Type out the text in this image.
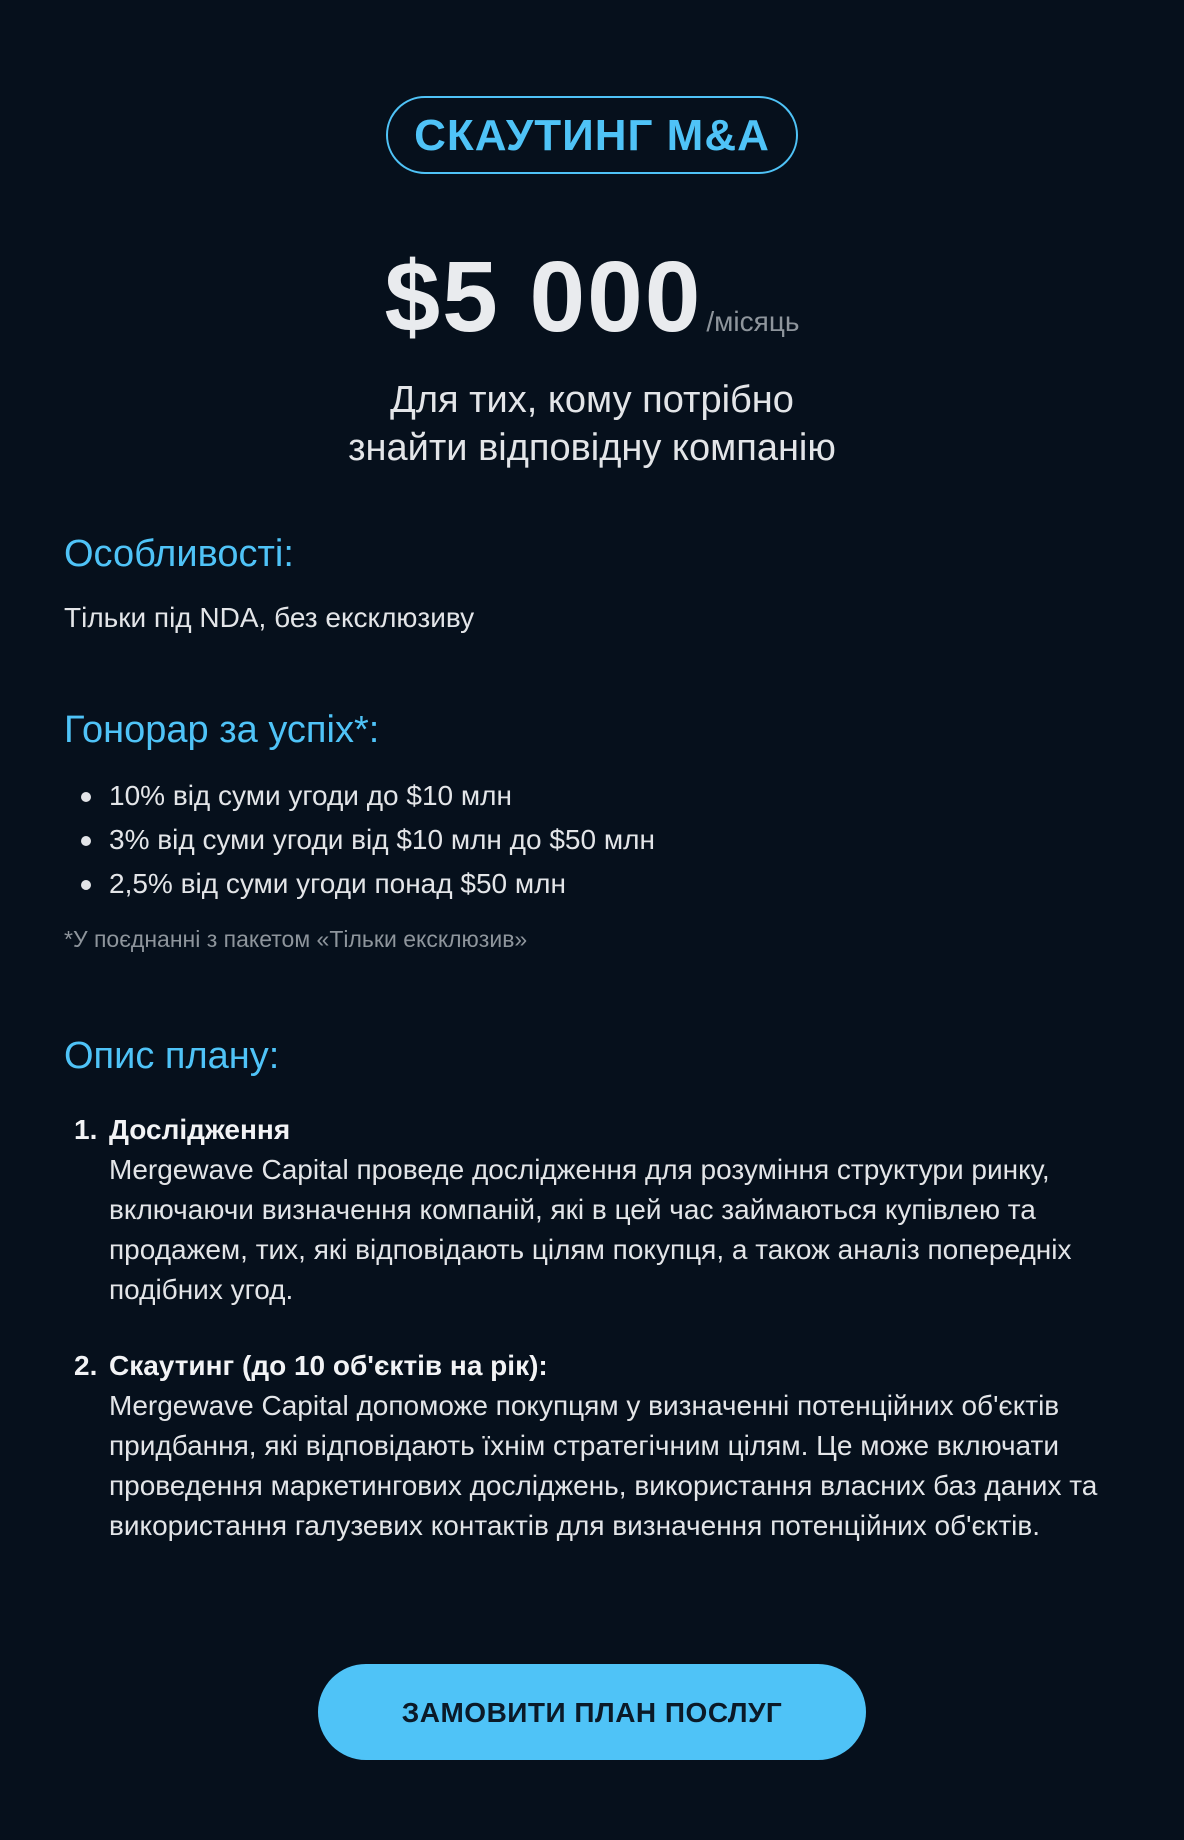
СКАУТИНГ M&A
$5 000 /місяць
Для тих, кому потрібно
знайти відповідну компанію
Особливості:

Тільки під NDA, без ексклюзиву

Гонорар за успіх*:
10% від суми угоди до $10 млн
3% від суми угоди від $10 млн до $50 млн
2,5% від суми угоди понад $50 млн
*У поєднанні з пакетом «Тільки ексклюзив»
Опис плану:
1. Дослідження
Mergewave Capital проведе дослідження для розуміння структури ринку, включаючи визначення компаній, які в цей час займаються купівлею та продажем, тих, які відповідають цілям покупця, а також аналіз попередніх подібних угод.
2. Скаутинг (до 10 об'єктів на рік):
Mergewave Capital допоможе покупцям у визначенні потенційних об'єктів придбання, які відповідають їхнім стратегічним цілям. Це може включати проведення маркетингових досліджень, використання власних баз даних та використання галузевих контактів для визначення потенційних об'єктів.
ЗАМОВИТИ ПЛАН ПОСЛУГ
